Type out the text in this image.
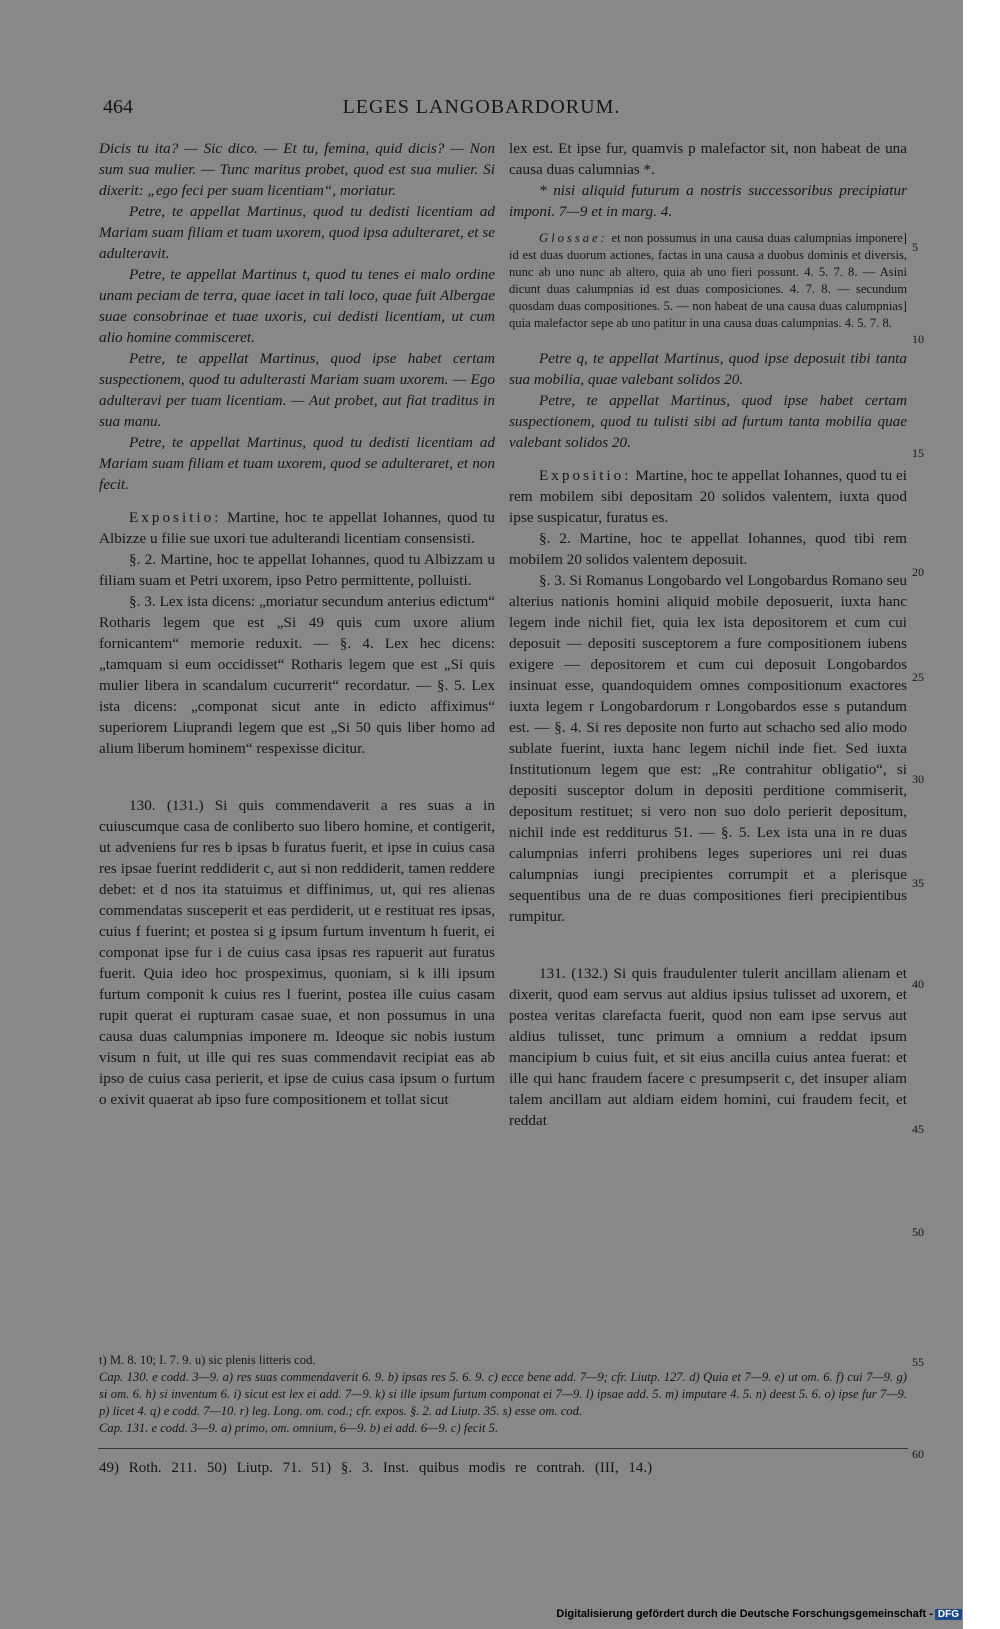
464	LEGES LANGOBARDORUM.

Dicis tu ita? — Sic dico. — Et tu, femina, quid dicis? — Non sum sua mulier. — Tunc maritus probet, quod est sua mulier. Si dixerit: „ego feci per suam licentiam“, moriatur.

Petre, te appellat Martinus, quod tu dedisti licentiam ad Mariam suam filiam et tuam uxorem, quod ipsa adulteraret, et se adulteravit.

Petre, te appellat Martinus t, quod tu tenes ei malo ordine unam peciam de terra, quae iacet in tali loco, quae fuit Albergae suae consobrinae et tuae uxoris, cui dedisti licentiam, ut cum alio homine commisceret.

Petre, te appellat Martinus, quod ipse habet certam suspectionem, quod tu adulterasti Mariam suam uxorem. — Ego adulteravi per tuam licentiam. — Aut probet, aut fiat traditus in sua manu.

Petre, te appellat Martinus, quod tu dedisti licentiam ad Mariam suam filiam et tuam uxorem, quod se adulteraret, et non fecit.

Expositio: Martine, hoc te appellat Iohannes, quod tu Albizze u filie sue uxori tue adulterandi licentiam consensisti.

§. 2. Martine, hoc te appellat Iohannes, quod tu Albizzam u filiam suam et Petri uxorem, ipso Petro permittente, polluisti.

§. 3. Lex ista dicens: „moriatur secundum anterius edictum“ Rotharis legem que est „Si 49 quis cum uxore alium fornicantem“ memorie reduxit. — §. 4. Lex hec dicens: „tamquam si eum occidisset“ Rotharis legem que est „Si quis mulier libera in scandalum cucurrerit“ recordatur. — §. 5. Lex ista dicens: „componat sicut ante in edicto affiximus“ superiorem Liuprandi legem que est „Si 50 quis liber homo ad alium liberum hominem“ respexisse dicitur.

130. (131.) Si quis commendaverit a res suas a in cuiuscumque casa de conliberto suo libero homine, et contigerit, ut adveniens fur res b ipsas b furatus fuerit, et ipse in cuius casa res ipsae fuerint reddiderit c, aut si non reddiderit, tamen reddere debet: et d nos ita statuimus et diffinimus, ut, qui res alienas commendatas susceperit et eas perdiderit, ut e restituat res ipsas, cuius f fuerint; et postea si g ipsum furtum inventum h fuerit, ei componat ipse fur i de cuius casa ipsas res rapuerit aut furatus fuerit. Quia ideo hoc prospeximus, quoniam, si k illi ipsum furtum componit k cuius res l fuerint, postea ille cuius casam rupit querat ei rupturam casae suae, et non possumus in una causa duas calumpnias imponere m. Ideoque sic nobis iustum visum n fuit, ut ille qui res suas commendavit recipiat eas ab ipso de cuius casa perierit, et ipse de cuius casa ipsum o furtum o exivit quaerat ab ipso fure compositionem et tollat sicut

lex est. Et ipse fur, quamvis p malefactor sit, non habeat de una causa duas calumnias *.

* nisi aliquid futurum a nostris successoribus precipiatur imponi. 7—9 et in marg. 4.

Glossae: et non possumus in una causa duas calumpnias imponere] id est duas duorum actiones, factas in una causa a duobus dominis et diversis, nunc ab uno nunc ab altero, quia ab uno fieri possunt. 4. 5. 7. 8. — Asini dicunt duas calumpnias id est duas composiciones. 4. 7. 8. — secundum quosdam duas compositiones. 5. — non habeat de una causa duas calumpnias] quia malefactor sepe ab uno patitur in una causa duas calumpnias. 4. 5. 7. 8.

Petre q, te appellat Martinus, quod ipse deposuit tibi tanta sua mobilia, quae valebant solidos 20.

Petre, te appellat Martinus, quod ipse habet certam suspectionem, quod tu tulisti sibi ad furtum tanta mobilia quae valebant solidos 20.

Expositio: Martine, hoc te appellat Iohannes, quod tu ei rem mobilem sibi depositam 20 solidos valentem, iuxta quod ipse suspicatur, furatus es.

§. 2. Martine, hoc te appellat Iohannes, quod tibi rem mobilem 20 solidos valentem deposuit.

§. 3. Si Romanus Longobardo vel Longobardus Romano seu alterius nationis homini aliquid mobile deposuerit, iuxta hanc legem inde nichil fiet, quia lex ista depositorem et cum cui deposuit — depositi susceptorem a fure compositionem iubens exigere — depositorem et cum cui deposuit Longobardos insinuat esse, quandoquidem omnes compositionum exactores iuxta legem r Longobardorum r Longobardos esse s putandum est. — §. 4. Si res deposite non furto aut schacho sed alio modo sublate fuerint, iuxta hanc legem nichil inde fiet. Sed iuxta Institutionum legem que est: „Re contrahitur obligatio“, si depositi susceptor dolum in depositi perditione commiserit, depositum restituet; si vero non suo dolo perierit depositum, nichil inde est redditurus 51. — §. 5. Lex ista una in re duas calumpnias inferri prohibens leges superiores uni rei duas calumpnias iungi precipientes corrumpit et a plerisque sequentibus una de re duas compositiones fieri precipientibus rumpitur.

131. (132.) Si quis fraudulenter tulerit ancillam alienam et dixerit, quod eam servus aut aldius ipsius tulisset ad uxorem, et postea veritas clarefacta fuerit, quod non eam ipse servus aut aldius tulisset, tunc primum a omnium a reddat ipsum mancipium b cuius fuit, et sit eius ancilla cuius antea fuerat: et ille qui hanc fraudem facere c presumpserit c, det insuper aliam talem ancillam aut aldiam eidem homini, cui fraudem fecit, et reddat

5
10
15
20
25
30
35
40
45
50
55
60

t) M. 8. 10; I. 7. 9. u) sic plenis litteris cod.

Cap. 130. e codd. 3—9. a) res suas commendaverit 6. 9. b) ipsas res 5. 6. 9. c) ecce bene add. 7—9; cfr. Liutp. 127. d) Quia et 7—9. e) ut om. 6. f) cui 7—9. g) si om. 6. h) si inventum 6. i) sicut est lex ei add. 7—9. k) si ille ipsum furtum componat ei 7—9. l) ipsae add. 5. m) imputare 4. 5. n) deest 5. 6. o) ipse fur 7—9. p) licet 4. q) e codd. 7—10. r) leg. Long. om. cod.; cfr. expos. §. 2. ad Liutp. 35. s) esse om. cod.

Cap. 131. e codd. 3—9. a) primo, om. omnium, 6—9. b) ei add. 6—9. c) fecit 5.

49) Roth. 211. 50) Liutp. 71. 51) §. 3. Inst. quibus modis re contrah. (III, 14.)
Digitalisierung gefördert durch die Deutsche Forschungsgemeinschaft - DFG
